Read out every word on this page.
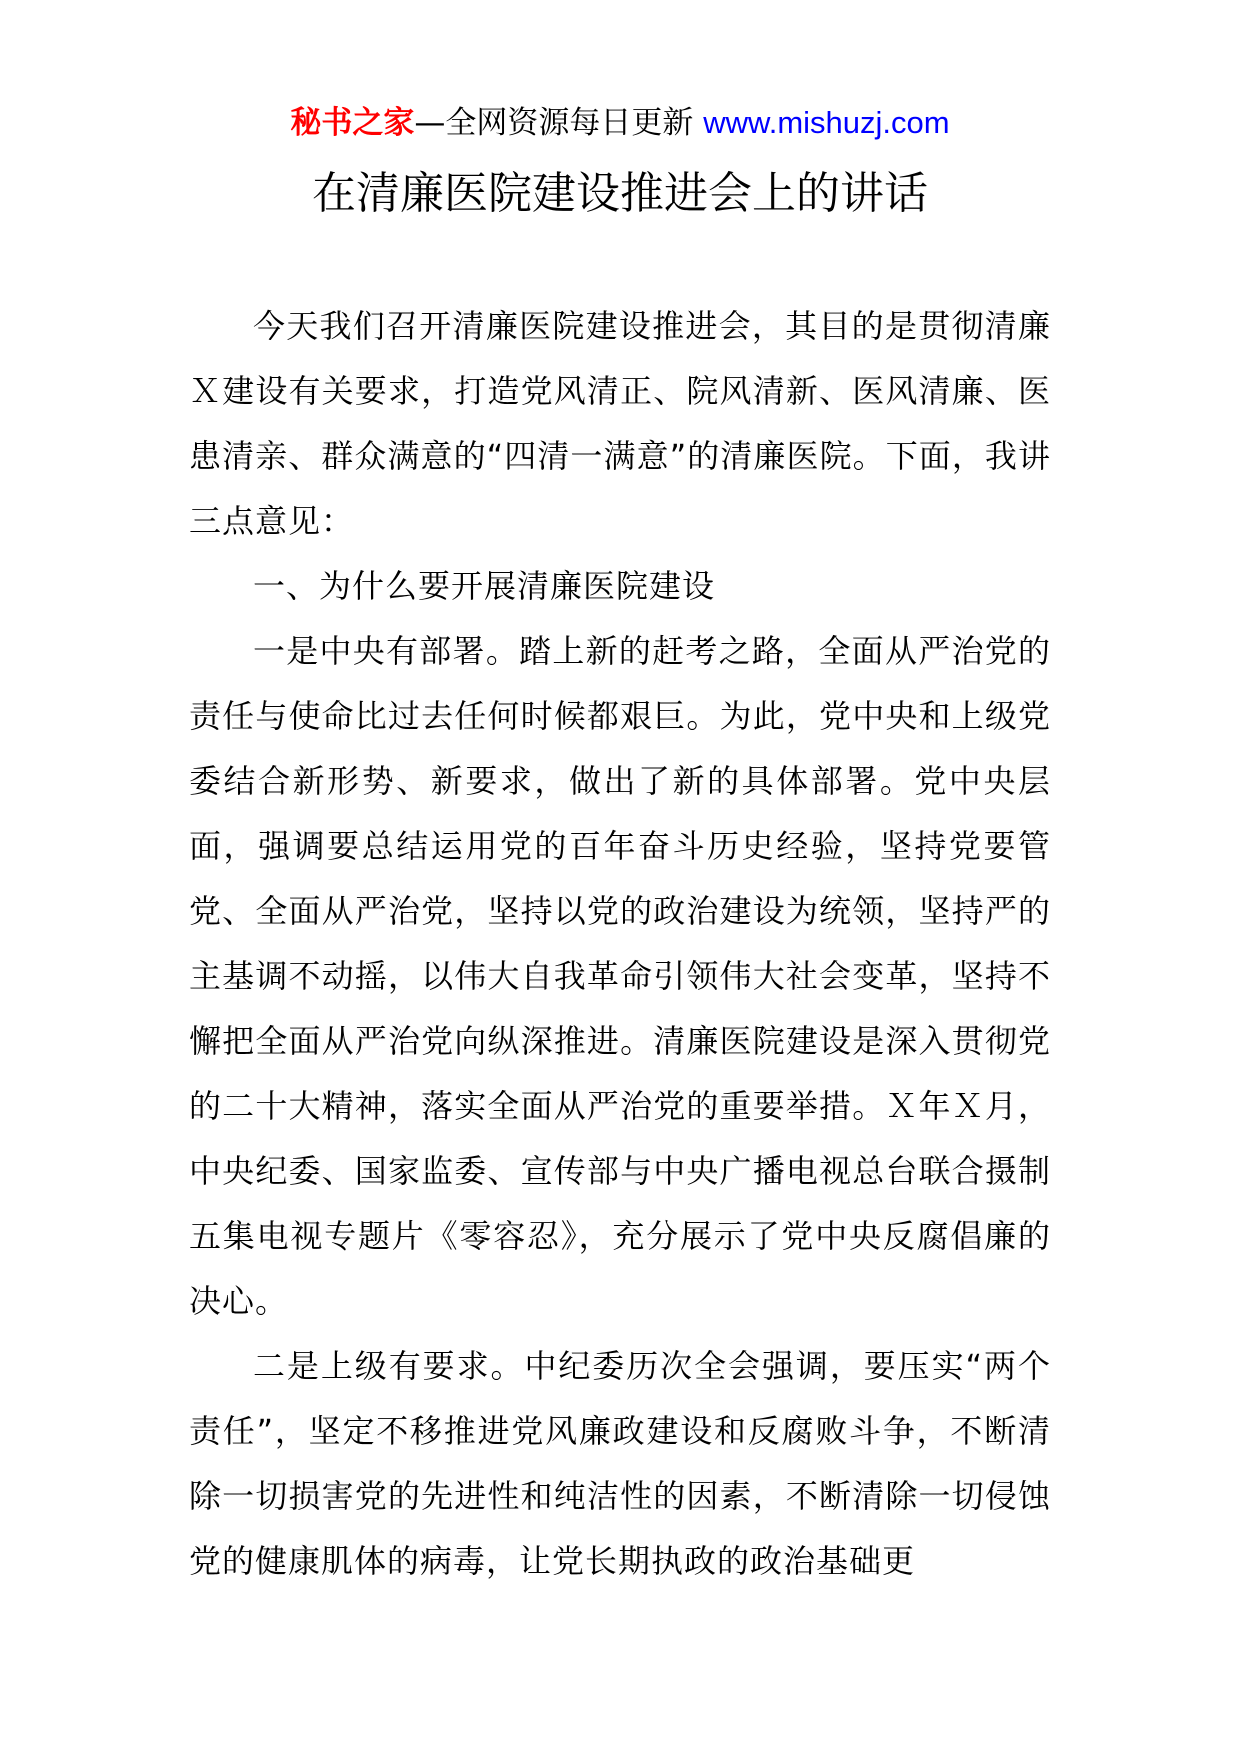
秘书之家—全网资源每日更新 www.mishuzj.com
在清廉医院建设推进会上的讲话

今天我们召开清廉医院建设推进会，其目的是贯彻清廉Ｘ建设有关要求，打造党风清正、院风清新、医风清廉、医患清亲、群众满意的“四清一满意”的清廉医院。下面，我讲三点意见：

一、为什么要开展清廉医院建设

一是中央有部署。踏上新的赶考之路，全面从严治党的责任与使命比过去任何时候都艰巨。为此，党中央和上级党委结合新形势、新要求，做出了新的具体部署。党中央层面，强调要总结运用党的百年奋斗历史经验，坚持党要管党、全面从严治党，坚持以党的政治建设为统领，坚持严的主基调不动摇，以伟大自我革命引领伟大社会变革，坚持不懈把全面从严治党向纵深推进。清廉医院建设是深入贯彻党的二十大精神，落实全面从严治党的重要举措。Ｘ年Ｘ月，中央纪委、国家监委、宣传部与中央广播电视总台联合摄制五集电视专题片《零容忍》，充分展示了党中央反腐倡廉的决心。

二是上级有要求。中纪委历次全会强调，要压实“两个责任”，坚定不移推进党风廉政建设和反腐败斗争，不断清除一切损害党的先进性和纯洁性的因素，不断清除一切侵蚀党的健康肌体的病毒，让党长期执政的政治基础更
